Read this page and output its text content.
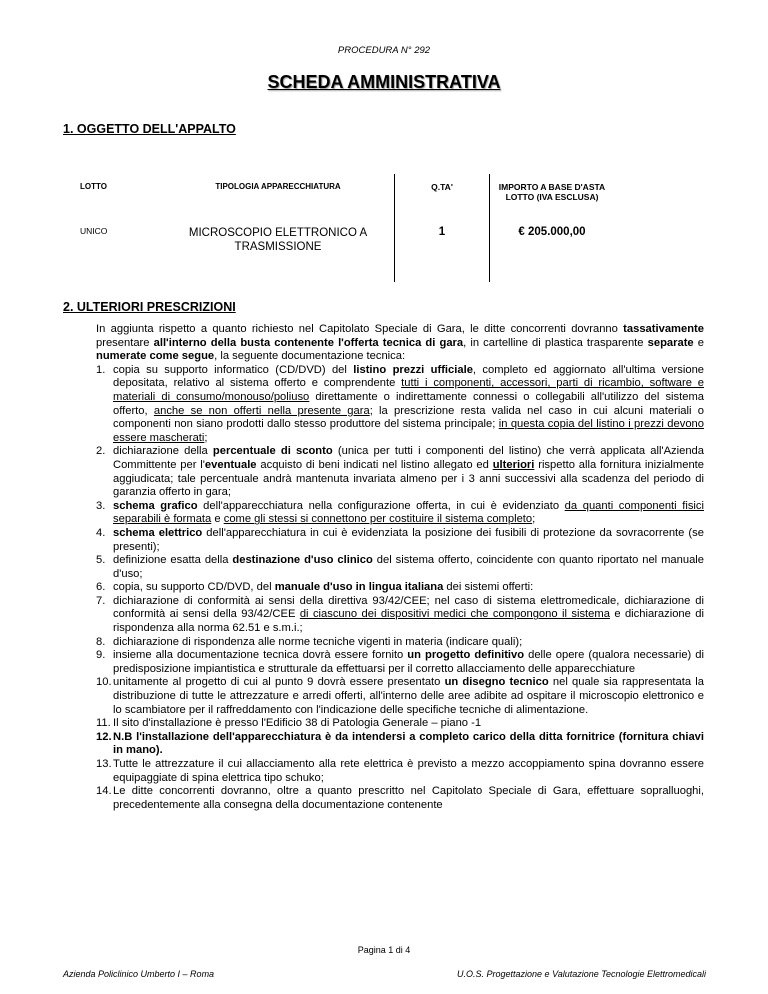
PROCEDURA N° 292
SCHEDA AMMINISTRATIVA
1. OGGETTO DELL'APPALTO
LOTTO	TIPOLOGIA APPARECCHIATURA	Q.TA'	IMPORTO A BASE D'ASTA LOTTO (IVA ESCLUSA)
UNICO	MICROSCOPIO ELETTRONICO A TRASMISSIONE	1	€ 205.000,00
2. ULTERIORI PRESCRIZIONI

In aggiunta rispetto a quanto richiesto nel Capitolato Speciale di Gara, le ditte concorrenti dovranno tassativamente presentare all'interno della busta contenente l'offerta tecnica di gara, in cartelline di plastica trasparente separate e numerate come segue, la seguente documentazione tecnica:

1. copia su supporto informatico (CD/DVD) del listino prezzi ufficiale, completo ed aggiornato all'ultima versione depositata, relativo al sistema offerto e comprendente tutti i componenti, accessori, parti di ricambio, software e materiali di consumo/monouso/poliuso direttamente o indirettamente connessi o collegabili all'utilizzo del sistema offerto, anche se non offerti nella presente gara; la prescrizione resta valida nel caso in cui alcuni materiali o componenti non siano prodotti dallo stesso produttore del sistema principale; in questa copia del listino i prezzi devono essere mascherati;
2. dichiarazione della percentuale di sconto (unica per tutti i componenti del listino) che verrà applicata all'Azienda Committente per l'eventuale acquisto di beni indicati nel listino allegato ed ulteriori rispetto alla fornitura inizialmente aggiudicata; tale percentuale andrà mantenuta invariata almeno per i 3 anni successivi alla scadenza del periodo di garanzia offerto in gara;
3. schema grafico dell'apparecchiatura nella configurazione offerta, in cui è evidenziato da quanti componenti fisici separabili è formata e come gli stessi si connettono per costituire il sistema completo;
4. schema elettrico dell'apparecchiatura in cui è evidenziata la posizione dei fusibili di protezione da sovracorrente (se presenti);
5. definizione esatta della destinazione d'uso clinico del sistema offerto, coincidente con quanto riportato nel manuale d'uso;
6. copia, su supporto CD/DVD, del manuale d'uso in lingua italiana dei sistemi offerti:
7. dichiarazione di conformità ai sensi della direttiva 93/42/CEE; nel caso di sistema elettromedicale, dichiarazione di conformità ai sensi della 93/42/CEE di ciascuno dei dispositivi medici che compongono il sistema e dichiarazione di rispondenza alla norma 62.51 e s.m.i.;
8. dichiarazione di rispondenza alle norme tecniche vigenti in materia (indicare quali);
9. insieme alla documentazione tecnica dovrà essere fornito un progetto definitivo delle opere (qualora necessarie) di predisposizione impiantistica e strutturale da effettuarsi per il corretto allacciamento delle apparecchiature
10. unitamente al progetto di cui al punto 9 dovrà essere presentato un disegno tecnico nel quale sia rappresentata la distribuzione di tutte le attrezzature e arredi offerti, all'interno delle aree adibite ad ospitare il microscopio elettronico e lo scambiatore per il raffreddamento con l'indicazione delle specifiche tecniche di alimentazione.
11. Il sito d'installazione è presso l'Edificio 38 di Patologia Generale – piano -1
12. N.B l'installazione dell'apparecchiatura è da intendersi a completo carico della ditta fornitrice (fornitura chiavi in mano).
13. Tutte le attrezzature il cui allacciamento alla rete elettrica è previsto a mezzo accoppiamento spina dovranno essere equipaggiate di spina elettrica tipo schuko;
14. Le ditte concorrenti dovranno, oltre a quanto prescritto nel Capitolato Speciale di Gara, effettuare sopralluoghi, precedentemente alla consegna della documentazione contenente
Pagina 1 di 4
Azienda Policlinico Umberto I – Roma	U.O.S. Progettazione e Valutazione Tecnologie Elettromedicali
